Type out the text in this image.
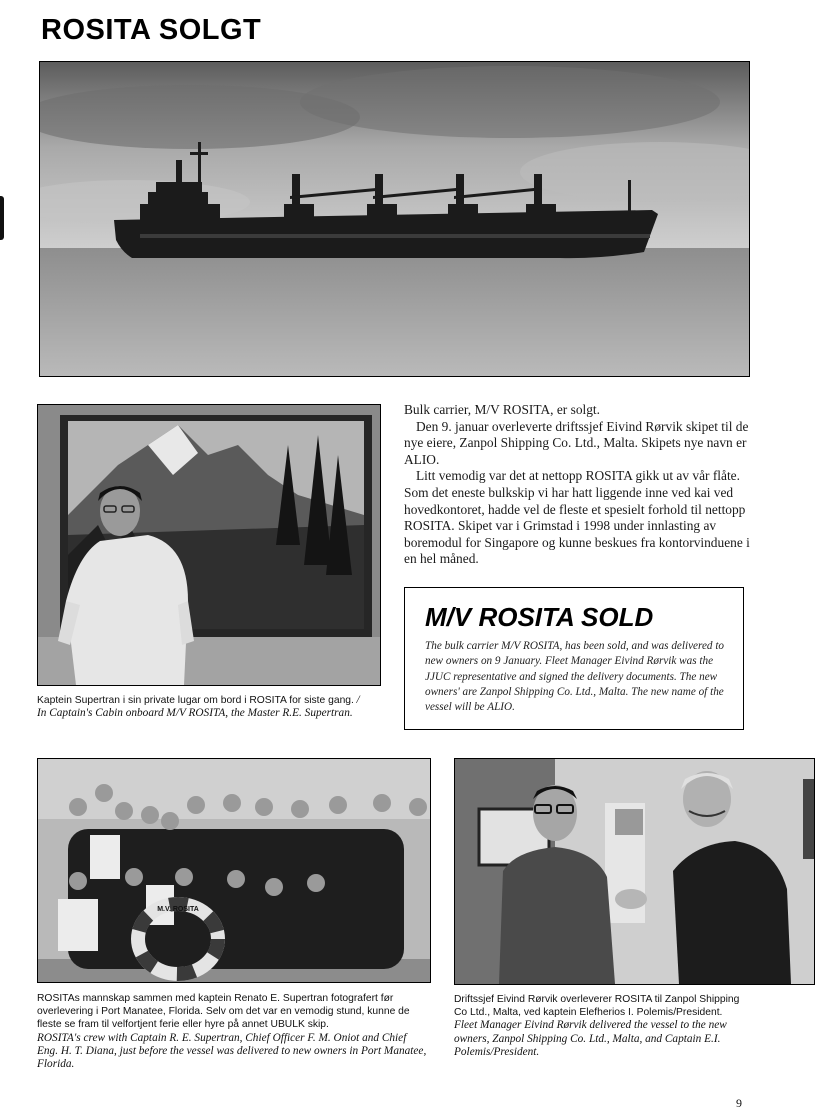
ROSITA SOLGT
Kaptein Supertran i sin private lugar om bord i ROSITA for siste gang. / In Captain's Cabin onboard M/V ROSITA, the Master R.E. Supertran.

Bulk carrier, M/V ROSITA, er solgt.

Den 9. januar overleverte driftssjef Eivind Rørvik skipet til de nye eiere, Zanpol Shipping Co. Ltd., Malta. Skipets nye navn er ALIO.

Litt vemodig var det at nettopp ROSITA gikk ut av vår flåte. Som det eneste bulkskip vi har hatt liggende inne ved kai ved hovedkontoret, hadde vel de fleste et spesielt forhold til nettopp ROSITA. Skipet var i Grimstad i 1998 under innlasting av boremodul for Singapore og kunne beskues fra kontorvinduene i en hel måned.

M/V ROSITA SOLD

The bulk carrier M/V ROSITA, has been sold, and was delivered to new owners on 9 January. Fleet Manager Eivind Rørvik was the JJUC representative and signed the delivery documents. The new owners' are Zanpol Shipping Co. Ltd., Malta. The new name of the vessel will be ALIO.

M.V. ROSITA
ROSITAs mannskap sammen med kaptein Renato E. Supertran fotografert før overlevering i Port Manatee, Florida. Selv om det var en vemodig stund, kunne de fleste se fram til velfortjent ferie eller hyre på annet UBULK skip.
ROSITA's crew with Captain R. E. Supertran, Chief Officer F. M. Oniot and Chief Eng. H. T. Diana, just before the vessel was delivered to new owners in Port Manatee, Florida.
Driftssjef Eivind Rørvik overleverer ROSITA til Zanpol Shipping Co Ltd., Malta, ved kaptein Elefherios I. Polemis/President.
Fleet Manager Eivind Rørvik delivered the vessel to the new owners, Zanpol Shipping Co. Ltd., Malta, and Captain E.I. Polemis/President.
9
